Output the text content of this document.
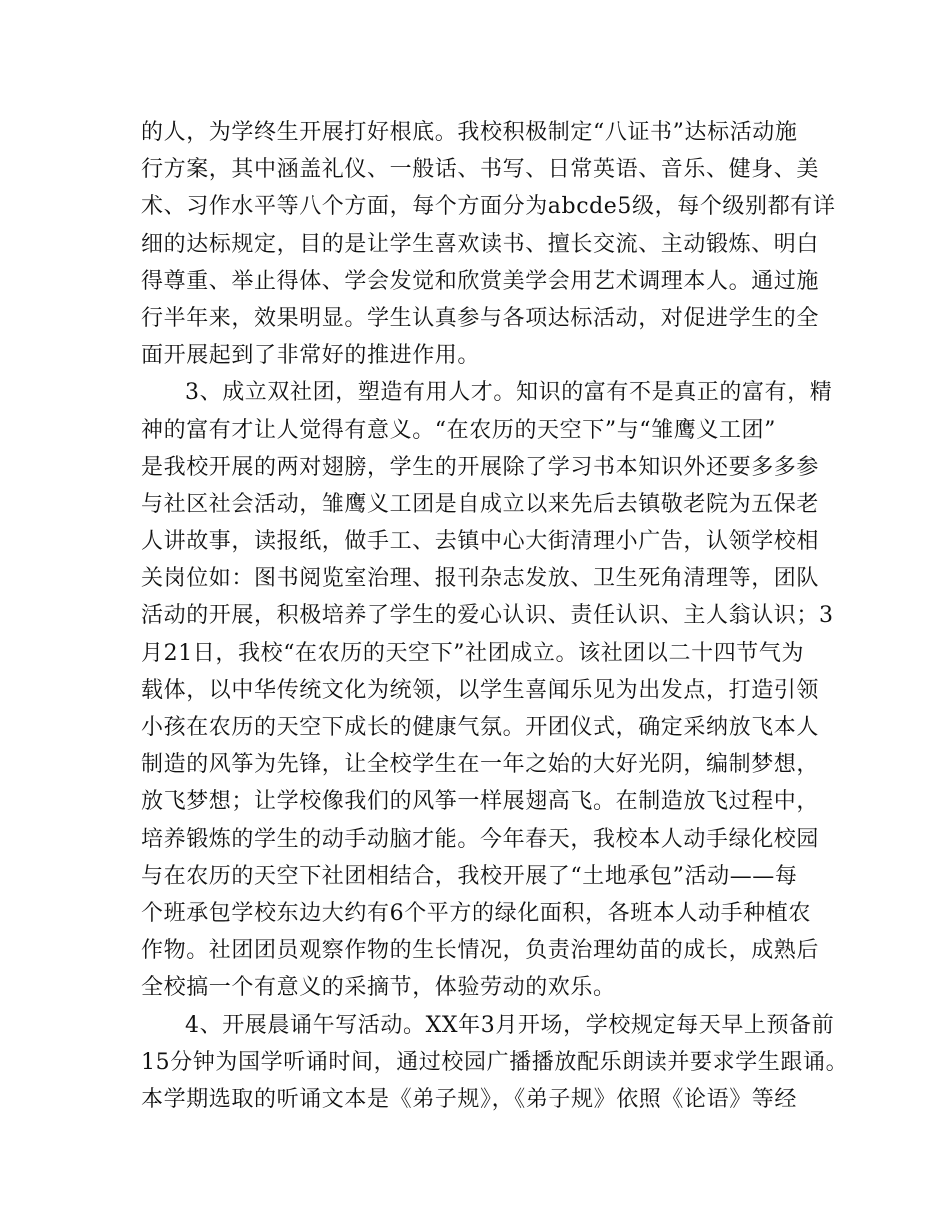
的人，为学终生开展打好根底。我校积极制定“八证书”达标活动施
行方案，其中涵盖礼仪、一般话、书写、日常英语、音乐、健身、美
术、习作水平等八个方面，每个方面分为abcde5级，每个级别都有详
细的达标规定，目的是让学生喜欢读书、擅长交流、主动锻炼、明白
得尊重、举止得体、学会发觉和欣赏美学会用艺术调理本人。通过施
行半年来，效果明显。学生认真参与各项达标活动，对促进学生的全
面开展起到了非常好的推进作用。
3、成立双社团，塑造有用人才。知识的富有不是真正的富有，精
神的富有才让人觉得有意义。“在农历的天空下”与“雏鹰义工团”
是我校开展的两对翅膀，学生的开展除了学习书本知识外还要多多参
与社区社会活动，雏鹰义工团是自成立以来先后去镇敬老院为五保老
人讲故事，读报纸，做手工、去镇中心大街清理小广告，认领学校相
关岗位如：图书阅览室治理、报刊杂志发放、卫生死角清理等，团队
活动的开展，积极培养了学生的爱心认识、责任认识、主人翁认识；3
月21日，我校“在农历的天空下”社团成立。该社团以二十四节气为
载体，以中华传统文化为统领，以学生喜闻乐见为出发点，打造引领
小孩在农历的天空下成长的健康气氛。开团仪式，确定采纳放飞本人
制造的风筝为先锋，让全校学生在一年之始的大好光阴，编制梦想，
放飞梦想；让学校像我们的风筝一样展翅高飞。在制造放飞过程中，
培养锻炼的学生的动手动脑才能。今年春天，我校本人动手绿化校园
与在农历的天空下社团相结合，我校开展了“土地承包”活动——每
个班承包学校东边大约有6个平方的绿化面积，各班本人动手种植农
作物。社团团员观察作物的生长情况，负责治理幼苗的成长，成熟后
全校搞一个有意义的采摘节，体验劳动的欢乐。
4、开展晨诵午写活动。XX年3月开场，学校规定每天早上预备前
15分钟为国学听诵时间，通过校园广播播放配乐朗读并要求学生跟诵。
本学期选取的听诵文本是《弟子规》，《弟子规》依照《论语》等经
